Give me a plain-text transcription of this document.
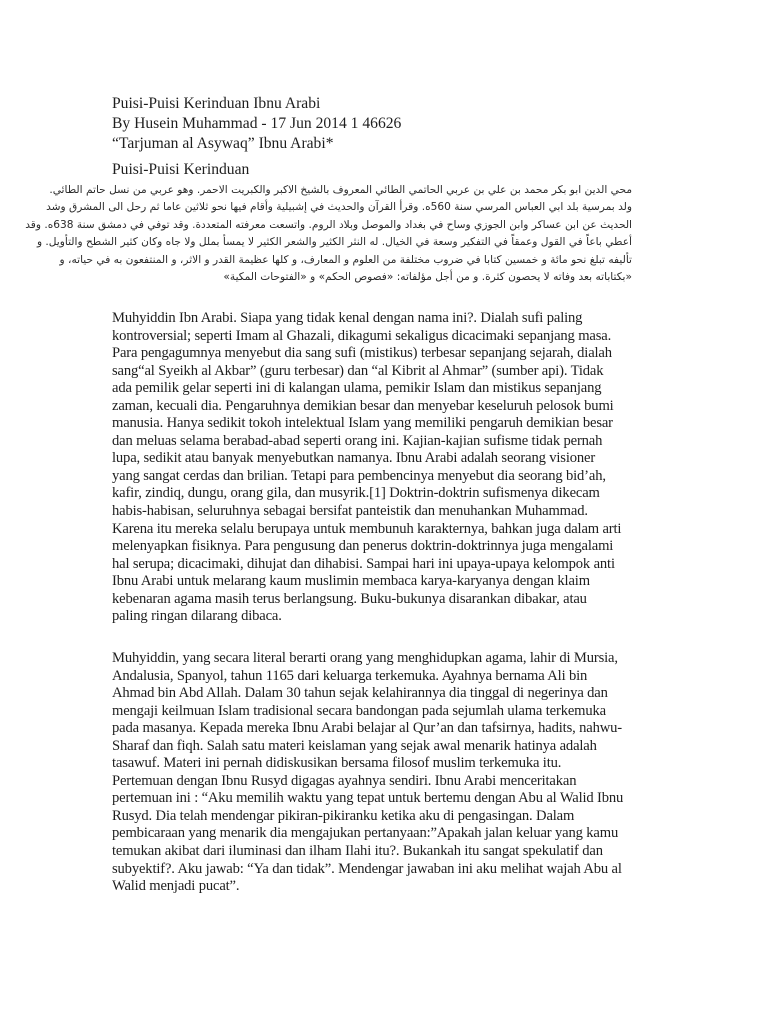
Puisi-Puisi Kerinduan Ibnu Arabi
By Husein Muhammad - 17 Jun 2014 1 46626
“Tarjuman al Asywaq” Ibnu Arabi*
Puisi-Puisi Kerinduan
محي الدين ابو بكر محمد بن علي بن عربي الحاتمي الطائي المعروف بالشيخ الاكبر والكبريت الاحمر. وهو عربي من نسل حاتم الطائي.
ولد بمرسية بلد ابي العباس المرسي سنة 560ه. وقرأ القرآن والحديث في إشبيلية وأقام فيها نحو ثلاثين عاما ثم رحل الى المشرق وشد
الحديث عن ابن عساكر وابن الجوزي وساح في بغداد والموصل وبلاد الروم. واتسعت معرفته المتعددة. وقد توفي في دمشق سنة 638ه. وقد
أعطي باعاً في القول وعمقاً في التفكير وسعة في الخيال. له النثر الكثير والشعر الكثير لا يمسأ بملل ولا جاه وكان كثير الشطح والتأويل. و
تأليفه تبلغ نحو مائة و خمسين كتابا في ضروب مختلفة من العلوم و المعارف، و كلها عظيمة القدر و الاثر، و المنتفعون به في حياته، و
«بكتاباته بعد وفاته لا يحصون كثرة. و من أجل مؤلفاته: «فصوص الحكم» و «الفتوحات المكية»
Muhyiddin Ibn Arabi. Siapa yang tidak kenal dengan nama ini?. Dialah sufi paling
kontroversial; seperti Imam al Ghazali, dikagumi sekaligus dicacimaki sepanjang masa.
Para pengagumnya menyebut dia sang sufi (mistikus) terbesar sepanjang sejarah, dialah
sang“al Syeikh al Akbar” (guru terbesar) dan “al Kibrit al Ahmar” (sumber api). Tidak
ada pemilik gelar seperti ini di kalangan ulama, pemikir Islam dan mistikus sepanjang
zaman, kecuali dia. Pengaruhnya demikian besar dan menyebar keseluruh pelosok bumi
manusia. Hanya sedikit tokoh intelektual Islam yang memiliki pengaruh demikian besar
dan meluas selama berabad-abad seperti orang ini. Kajian-kajian sufisme tidak pernah
lupa, sedikit atau banyak menyebutkan namanya. Ibnu Arabi adalah seorang visioner
yang sangat cerdas dan brilian. Tetapi para pembencinya menyebut dia seorang bid’ah,
kafir, zindiq, dungu, orang gila, dan musyrik.[1] Doktrin-doktrin sufismenya dikecam
habis-habisan, seluruhnya sebagai bersifat panteistik dan menuhankan Muhammad.
Karena itu mereka selalu berupaya untuk membunuh karakternya, bahkan juga dalam arti
melenyapkan fisiknya. Para pengusung dan penerus doktrin-doktrinnya juga mengalami
hal serupa; dicacimaki, dihujat dan dihabisi. Sampai hari ini upaya-upaya kelompok anti
Ibnu Arabi untuk melarang kaum muslimin membaca karya-karyanya dengan klaim
kebenaran agama masih terus berlangsung. Buku-bukunya disarankan dibakar, atau
paling ringan dilarang dibaca.
Muhyiddin, yang secara literal berarti orang yang menghidupkan agama, lahir di Mursia,
Andalusia, Spanyol, tahun 1165 dari keluarga terkemuka. Ayahnya bernama Ali bin
Ahmad bin Abd Allah. Dalam 30 tahun sejak kelahirannya dia tinggal di negerinya dan
mengaji keilmuan Islam tradisional secara bandongan pada sejumlah ulama terkemuka
pada masanya. Kepada mereka Ibnu Arabi belajar al Qur’an dan tafsirnya, hadits, nahwu-
Sharaf dan fiqh. Salah satu materi keislaman yang sejak awal menarik hatinya adalah
tasawuf. Materi ini pernah didiskusikan bersama filosof muslim terkemuka itu.
Pertemuan dengan Ibnu Rusyd digagas ayahnya sendiri. Ibnu Arabi menceritakan
pertemuan ini : “Aku memilih waktu yang tepat untuk bertemu dengan Abu al Walid Ibnu
Rusyd. Dia telah mendengar pikiran-pikiranku ketika aku di pengasingan. Dalam
pembicaraan yang menarik dia mengajukan pertanyaan:”Apakah jalan keluar yang kamu
temukan akibat dari iluminasi dan ilham Ilahi itu?. Bukankah itu sangat spekulatif dan
subyektif?. Aku jawab: “Ya dan tidak”. Mendengar jawaban ini aku melihat wajah Abu al
Walid menjadi pucat”.
